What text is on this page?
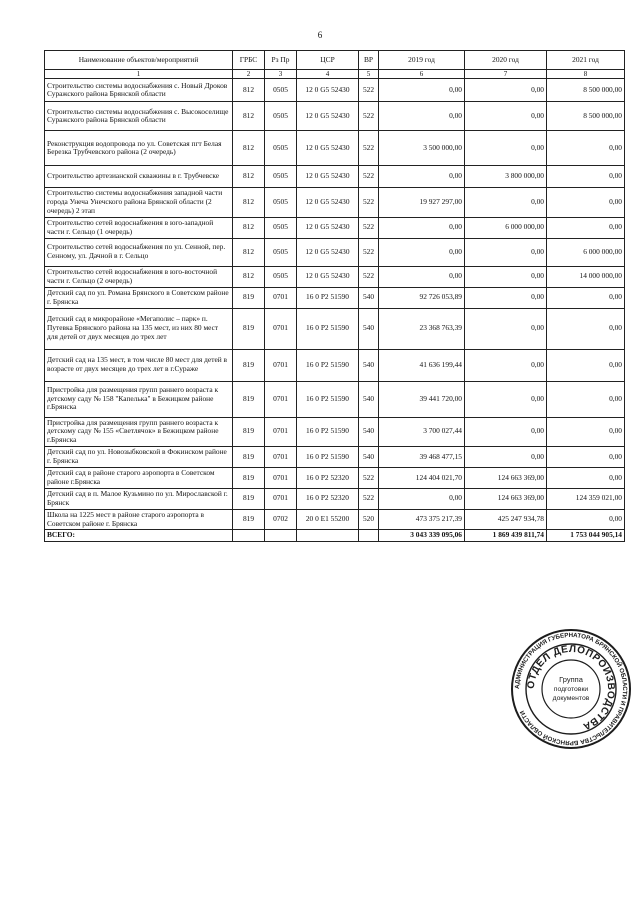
6
Наименование объектов/мероприятий	ГРБС	Рз Пр	ЦСР	ВР	2019 год	2020 год	2021 год
1	2	3	4	5	6	7	8
Строительство системы водоснабжения с. Новый Дроков Суражского района Брянской области	812	0505	12 0 G5 52430	522	0,00	0,00	8 500 000,00
Строительство системы водоснабжения с. Высокоселище Суражского района Брянской области	812	0505	12 0 G5 52430	522	0,00	0,00	8 500 000,00
Реконструкция водопровода по ул. Советская пгт Белая Березка Трубчевского района (2 очередь)	812	0505	12 0 G5 52430	522	3 500 000,00	0,00	0,00
Строительство артезианской скважины в г. Трубчевске	812	0505	12 0 G5 52430	522	0,00	3 800 000,00	0,00
Строительство системы водоснабжения западной части города Унеча Унечского района Брянской области (2 очередь) 2 этап	812	0505	12 0 G5 52430	522	19 927 297,00	0,00	0,00
Строительство сетей водоснабжения в юго-западной части г. Сельцо (1 очередь)	812	0505	12 0 G5 52430	522	0,00	6 000 000,00	0,00
Строительство сетей водоснабжения по ул. Сенной, пер. Сенному, ул. Дачной в г. Сельцо	812	0505	12 0 G5 52430	522	0,00	0,00	6 000 000,00
Строительство сетей водоснабжения в юго-восточной части г. Сельцо (2 очередь)	812	0505	12 0 G5 52430	522	0,00	0,00	14 000 000,00
Детский сад по ул. Романа Брянского в Советском районе г. Брянска	819	0701	16 0 P2 51590	540	92 726 053,89	0,00	0,00
Детский сад в микрорайоне «Мегаполис – парк» п. Путевка Брянского района на 135 мест, из них 80 мест для детей от двух месяцев до трех лет	819	0701	16 0 P2 51590	540	23 368 763,39	0,00	0,00
Детский сад на 135 мест, в том числе 80 мест для детей в возрасте от двух месяцев до трех лет в г.Сураже	819	0701	16 0 P2 51590	540	41 636 199,44	0,00	0,00
Пристройка для размещения групп раннего возраста к детскому саду № 158 "Капелька" в Бежицком районе г.Брянска	819	0701	16 0 P2 51590	540	39 441 720,00	0,00	0,00
Пристройка для размещения групп раннего возраста к детскому саду № 155 «Светлячок» в Бежицком районе г.Брянска	819	0701	16 0 P2 51590	540	3 700 027,44	0,00	0,00
Детский сад по ул. Новозыбковской в Фокинском районе г. Брянска	819	0701	16 0 P2 51590	540	39 468 477,15	0,00	0,00
Детский сад в районе старого аэропорта в Советском районе г.Брянска	819	0701	16 0 P2 52320	522	124 404 021,70	124 663 369,00	0,00
Детский сад в п. Малое Кузьмино по ул. Мирославской г. Брянск	819	0701	16 0 P2 52320	522	0,00	124 663 369,00	124 359 021,00
Школа на 1225 мест в районе старого аэропорта в Советском районе г. Брянска	819	0702	20 0 E1 55200	520	473 375 217,39	425 247 934,78	0,00
ВСЕГО:					3 043 339 095,06	1 869 439 811,74	1 753 044 905,14
АДМИНИСТРАЦИЯ ГУБЕРНАТОРА БРЯНСКОЙ ОБЛАСТИ И ПРАВИТЕЛЬСТВА БРЯНСКОЙ ОБЛАСТИ
ОТДЕЛ ДЕЛОПРОИЗВОДСТВА
Группа
подготовки
документов
